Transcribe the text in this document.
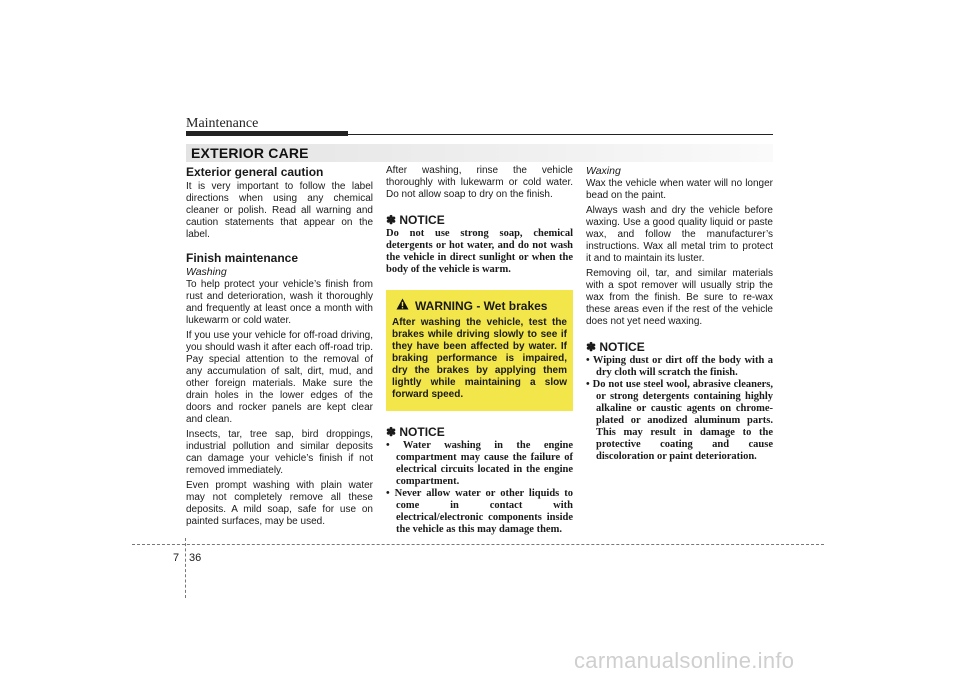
Maintenance
EXTERIOR CARE
Exterior general caution

It is very important to follow the label directions when using any chemical cleaner or polish. Read all warning and caution statements that appear on the label.

Finish maintenance
Washing

To help protect your vehicle’s finish from rust and deterioration, wash it thoroughly and frequently at least once a month with lukewarm or cold water.

If you use your vehicle for off-road driving, you should wash it after each off-road trip. Pay special attention to the removal of any accumulation of salt, dirt, mud, and other foreign materials. Make sure the drain holes in the lower edges of the doors and rocker panels are kept clear and clean.

Insects, tar, tree sap, bird droppings, industrial pollution and similar deposits can damage your vehicle’s finish if not removed immediately.

Even prompt washing with plain water may not completely remove all these deposits. A mild soap, safe for use on painted surfaces, may be used.

After washing, rinse the vehicle thoroughly with lukewarm or cold water. Do not allow soap to dry on the finish.

✽ NOTICE

Do not use strong soap, chemical detergents or hot water, and do not wash the vehicle in direct sunlight or when the body of the vehicle is warm.

WARNING - Wet brakes
After washing the vehicle, test the brakes while driving slowly to see if they have been affected by water. If braking performance is impaired, dry the brakes by applying them lightly while maintaining a slow forward speed.
✽ NOTICE
• Water washing in the engine compartment may cause the failure of electrical circuits located in the engine compartment.
• Never allow water or other liquids to come in contact with electrical/electronic components inside the vehicle as this may damage them.
Waxing

Wax the vehicle when water will no longer bead on the paint.

Always wash and dry the vehicle before waxing. Use a good quality liquid or paste wax, and follow the manufacturer’s instructions. Wax all metal trim to protect it and to maintain its luster.

Removing oil, tar, and similar materials with a spot remover will usually strip the wax from the finish. Be sure to re-wax these areas even if the rest of the vehicle does not yet need waxing.

✽ NOTICE
• Wiping dust or dirt off the body with a dry cloth will scratch the finish.
• Do not use steel wool, abrasive cleaners, or strong detergents containing highly alkaline or caustic agents on chrome-plated or anodized aluminum parts. This may result in damage to the protective coating and cause discoloration or paint deterioration.
7 36
carmanualsonline.info
